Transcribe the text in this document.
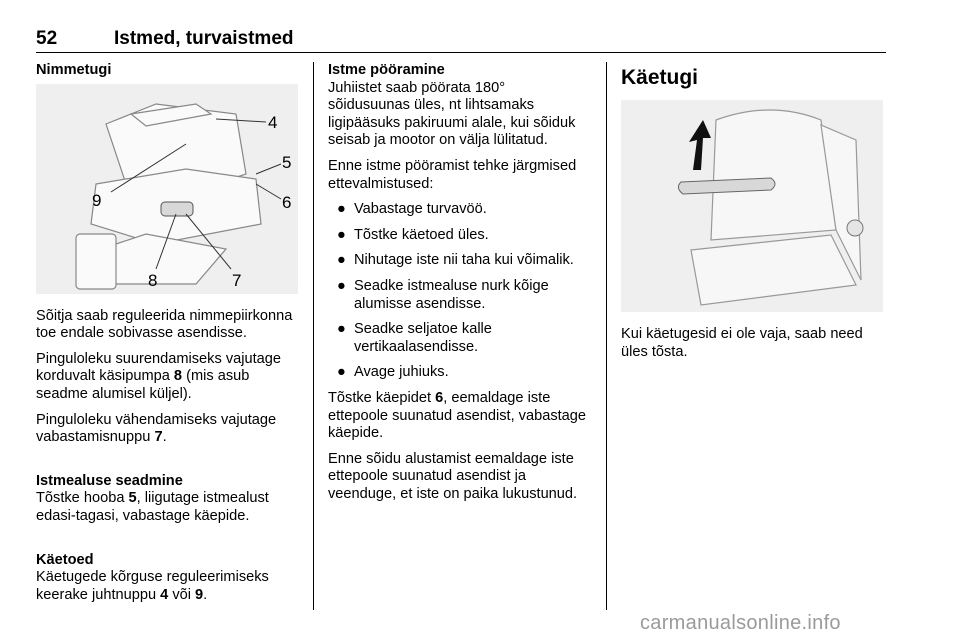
52	Istmed, turvaistmed
Nimmetugi
4
5
6
7
8
9

Sõitja saab reguleerida nimmepiirkonna toe endale sobivasse asendisse.

Pinguloleku suurendamiseks vajutage korduvalt käsipumpa 8 (mis asub seadme alumisel küljel).

Pinguloleku vähendamiseks vajutage vabastamisnuppu 7.

Istmealuse seadmine

Tõstke hooba 5, liigutage istmealust edasi-tagasi, vabastage käepide.

Käetoed

Käetugede kõrguse reguleerimiseks keerake juhtnuppu 4 või 9.

Istme pööramine

Juhiistet saab pöörata 180° sõidusuunas üles, nt lihtsamaks ligipääsuks pakiruumi alale, kui sõiduk seisab ja mootor on välja lülitatud.

Enne istme pööramist tehke järgmised ettevalmistused:

● Vabastage turvavöö.
● Tõstke käetoed üles.
● Nihutage iste nii taha kui võimalik.
● Seadke istmealuse nurk kõige alumisse asendisse.
● Seadke seljatoe kalle vertikaalasendisse.
● Avage juhiuks.

Tõstke käepidet 6, eemaldage iste ettepoole suunatud asendist, vabastage käepide.

Enne sõidu alustamist eemaldage iste ettepoole suunatud asendist ja veenduge, et iste on paika lukustunud.

Käetugi

Kui käetugesid ei ole vaja, saab need üles tõsta.

carmanualsonline.info
